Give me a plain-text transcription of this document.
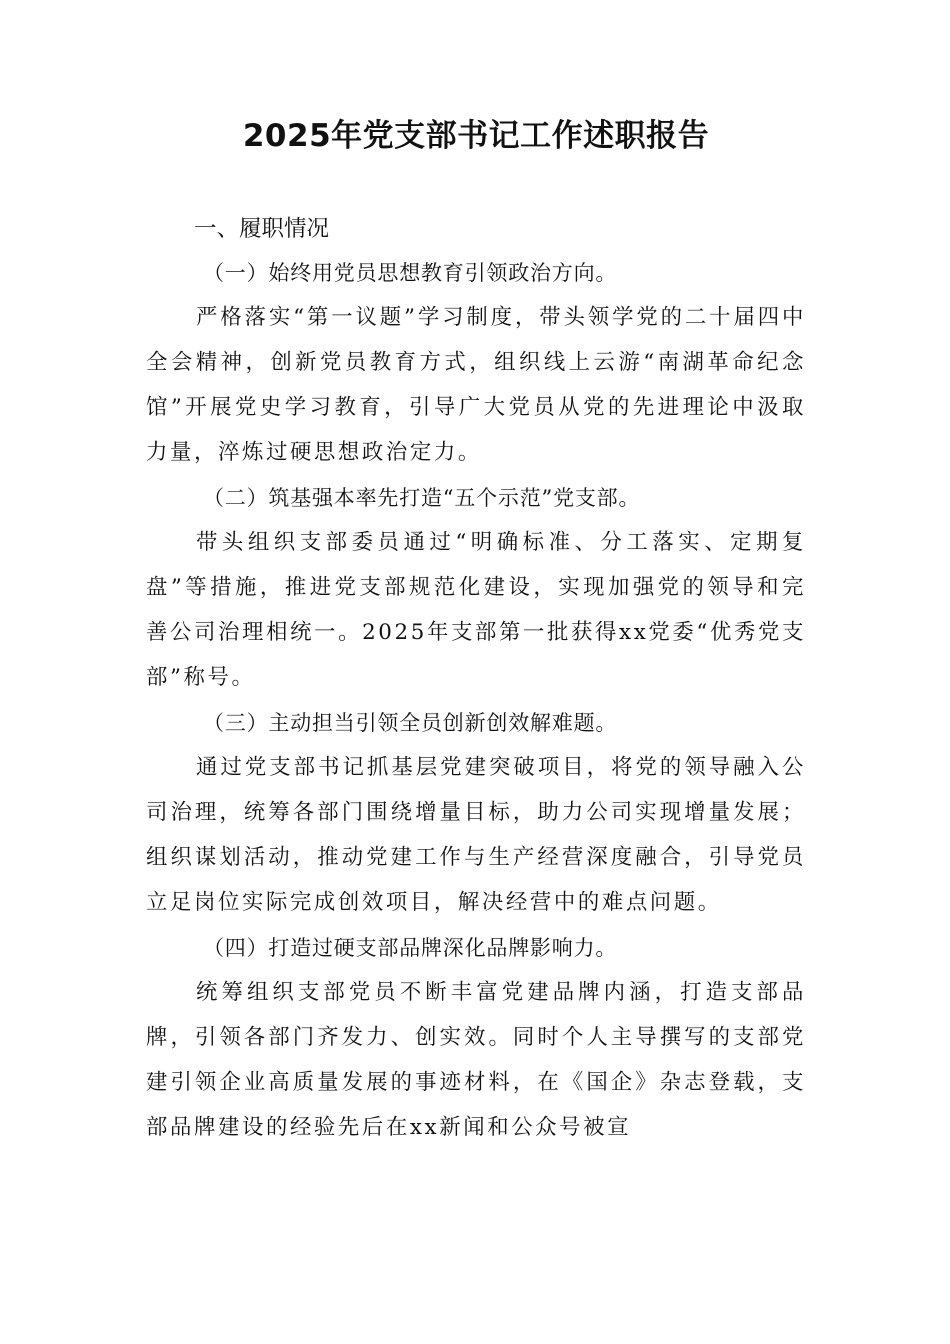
2025年党支部书记工作述职报告
一、履职情况
（一）始终用党员思想教育引领政治方向。

严格落实“第一议题”学习制度，带头领学党的二十届四中全会精神，创新党员教育方式，组织线上云游“南湖革命纪念馆”开展党史学习教育，引导广大党员从党的先进理论中汲取力量，淬炼过硬思想政治定力。

（二）筑基强本率先打造“五个示范”党支部。

带头组织支部委员通过“明确标准、分工落实、定期复盘”等措施，推进党支部规范化建设，实现加强党的领导和完善公司治理相统一。2025年支部第一批获得xx党委“优秀党支部”称号。

（三）主动担当引领全员创新创效解难题。

通过党支部书记抓基层党建突破项目，将党的领导融入公司治理，统筹各部门围绕增量目标，助力公司实现增量发展；组织谋划活动，推动党建工作与生产经营深度融合，引导党员立足岗位实际完成创效项目，解决经营中的难点问题。

（四）打造过硬支部品牌深化品牌影响力。

统筹组织支部党员不断丰富党建品牌内涵，打造支部品牌，引领各部门齐发力、创实效。同时个人主导撰写的支部党建引领企业高质量发展的事迹材料，在《国企》杂志登载，支部品牌建设的经验先后在xx新闻和公众号被宣
